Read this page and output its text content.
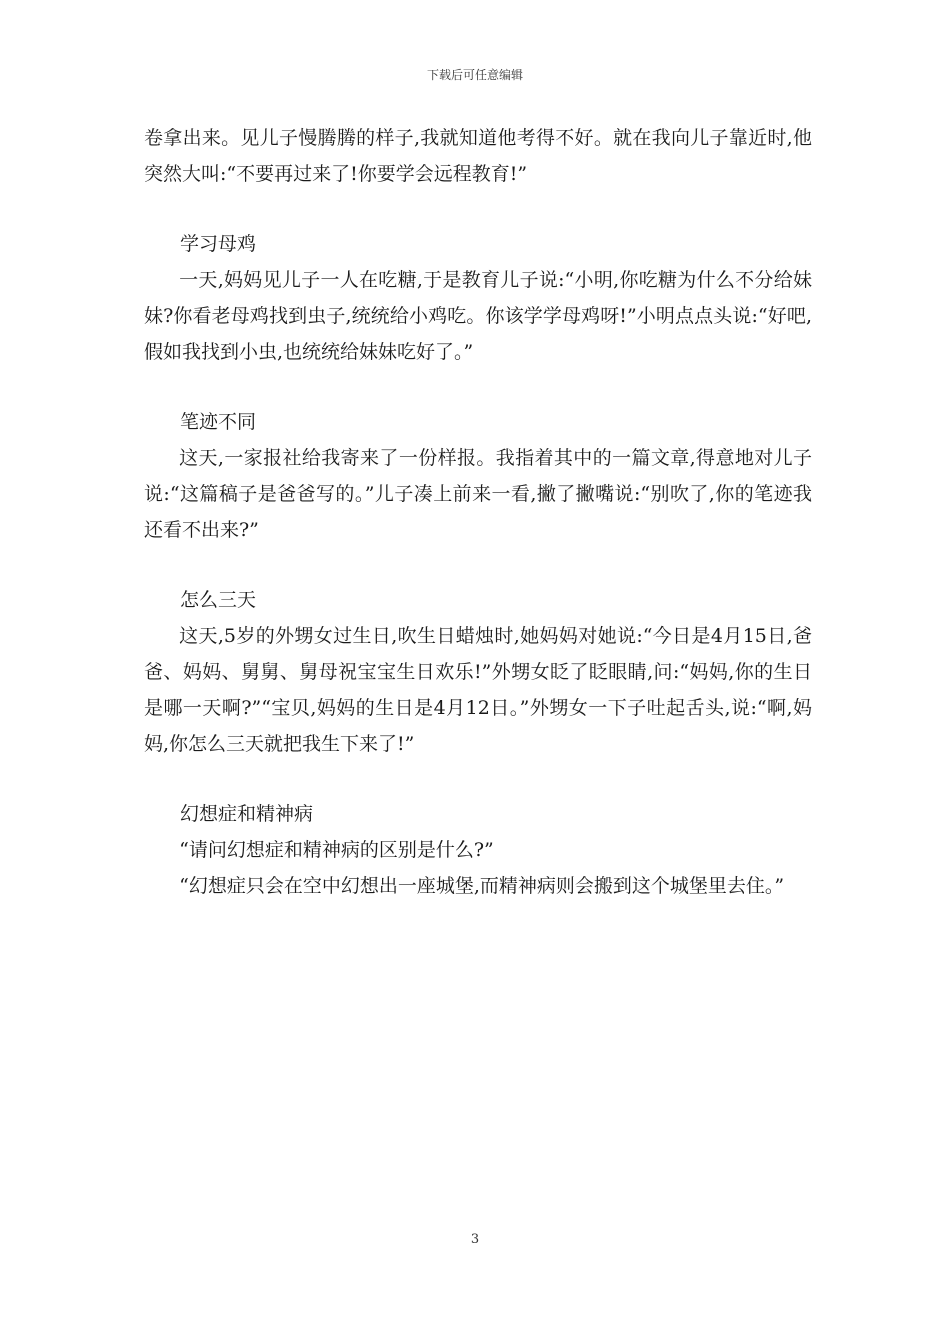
下载后可任意编辑

卷拿出来。见儿子慢腾腾的样子,我就知道他考得不好。就在我向儿子靠近时,他突然大叫:“不要再过来了!你要学会远程教育!”

学习母鸡

一天,妈妈见儿子一人在吃糖,于是教育儿子说:“小明,你吃糖为什么不分给妹妹?你看老母鸡找到虫子,统统给小鸡吃。你该学学母鸡呀!”小明点点头说:“好吧,假如我找到小虫,也统统给妹妹吃好了。”

笔迹不同

这天,一家报社给我寄来了一份样报。我指着其中的一篇文章,得意地对儿子说:“这篇稿子是爸爸写的。”儿子凑上前来一看,撇了撇嘴说:“别吹了,你的笔迹我还看不出来?”

怎么三天

这天,5岁的外甥女过生日,吹生日蜡烛时,她妈妈对她说:“今日是4月15日,爸爸、妈妈、舅舅、舅母祝宝宝生日欢乐!”外甥女眨了眨眼睛,问:“妈妈,你的生日是哪一天啊?”“宝贝,妈妈的生日是4月12日。”外甥女一下子吐起舌头,说:“啊,妈妈,你怎么三天就把我生下来了!”

幻想症和精神病

“请问幻想症和精神病的区别是什么?”

“幻想症只会在空中幻想出一座城堡,而精神病则会搬到这个城堡里去住。”

3
